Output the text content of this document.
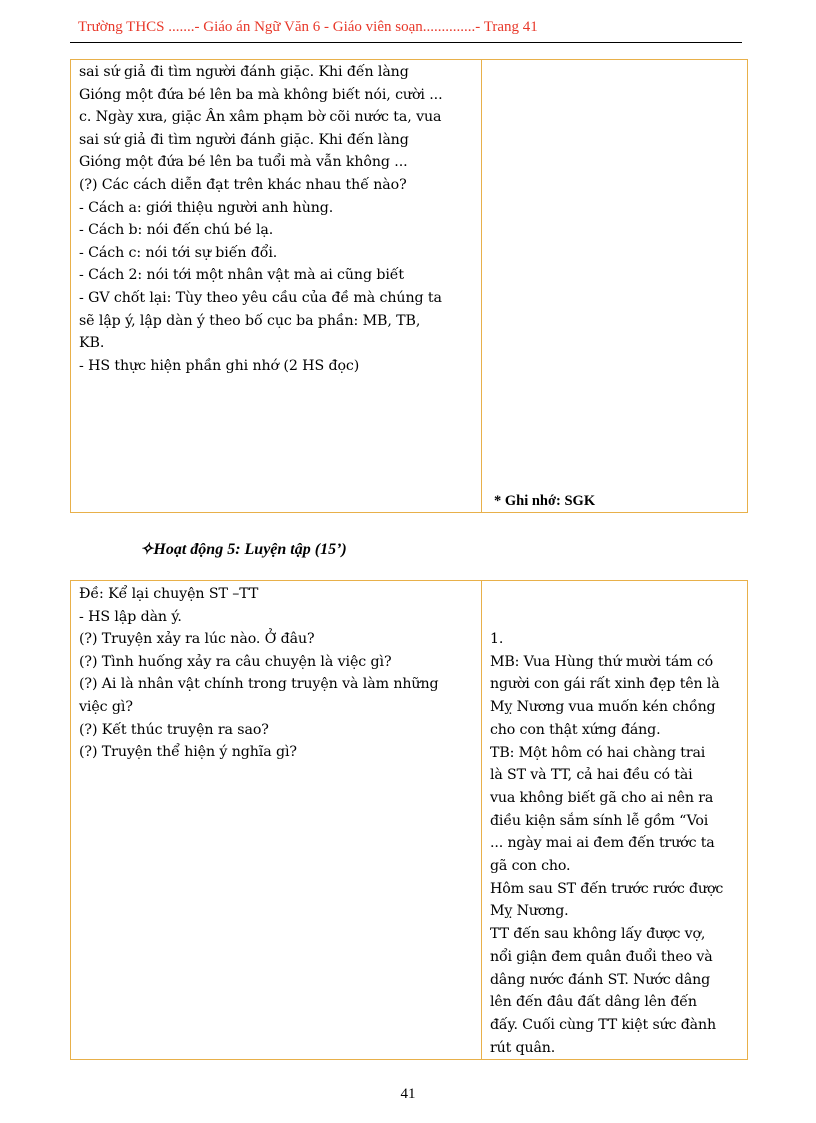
Trường THCS .......- Giáo án Ngữ Văn 6 - Giáo viên soạn..............- Trang 41
sai sứ giả đi tìm người đánh giặc. Khi đến làng
Gióng một đứa bé lên ba mà không biết nói, cười ...
c. Ngày xưa, giặc Ân xâm phạm bờ cõi nước ta, vua
sai sứ giả đi tìm người đánh giặc. Khi đến làng
Gióng một đứa bé lên ba tuổi mà vẫn không ...
(?) Các cách diễn đạt trên khác nhau thế nào?
- Cách a: giới thiệu người anh hùng.
- Cách b: nói đến chú bé lạ.
- Cách c: nói tới sự biến đổi.
- Cách 2: nói tới một nhân vật mà ai cũng biết
- GV chốt lại: Tùy theo yêu cầu của đề mà chúng ta
sẽ lập ý, lập dàn ý theo bố cục ba phần: MB, TB,
KB.
- HS thực hiện phần ghi nhớ (2 HS đọc)

* Ghi nhớ: SGK
✧Hoạt động 5: Luyện tập (15’)
Đề: Kể lại chuyện ST –TT
- HS lập dàn ý.
(?) Truyện xảy ra lúc nào. Ở đâu?
(?) Tình huống xảy ra câu chuyện là việc gì?
(?) Ai là nhân vật chính trong truyện và làm những
việc gì?
(?) Kết thúc truyện ra sao?
(?) Truyện thể hiện ý nghĩa gì?

1.
MB: Vua Hùng thứ mười tám có
người con gái rất xinh đẹp tên là
Mỵ Nương vua muốn kén chồng
cho con thật xứng đáng.
TB: Một hôm có hai chàng trai
là ST và TT, cả hai đều có tài
vua không biết gã cho ai nên ra
điều kiện sắm sính lễ gồm “Voi
... ngày mai ai đem đến trước ta
gã con cho.
Hôm sau ST đến trước rước được
Mỵ Nương.
TT đến sau không lấy được vợ,
nổi giận đem quân đuổi theo và
dâng nước đánh ST. Nước dâng
lên đến đâu đất dâng lên đến
đấy. Cuối cùng TT kiệt sức đành
rút quân.
41
